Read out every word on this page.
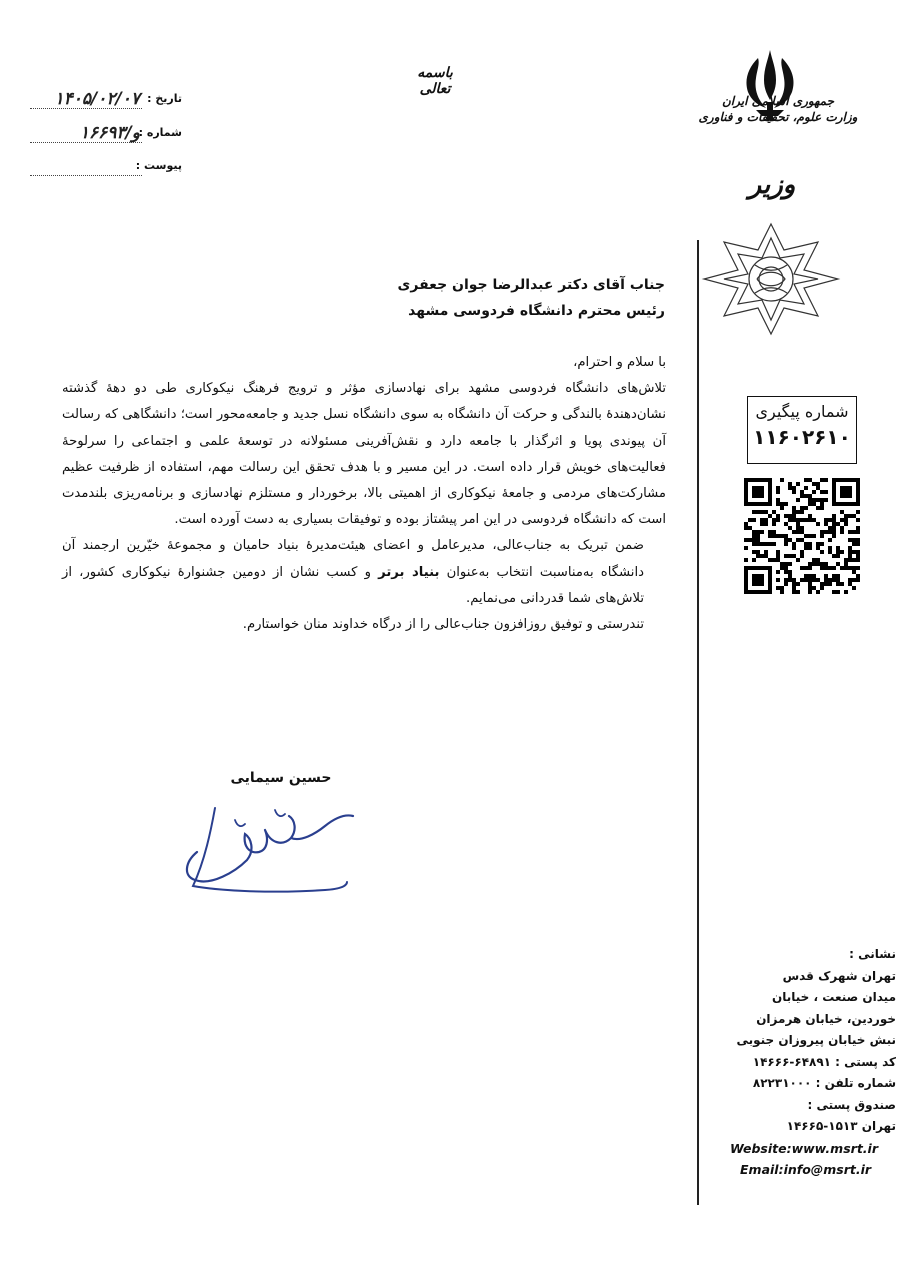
جمهوری اسلامی ایران
وزارت علوم، تحقیقات و فناوری
وزیر
شماره پیگیری
۱۱۶۰۲۶۱۰
نشانی :
تهران شهرک قدس
میدان صنعت ، خیابان
خوردین، خیابان هرمزان
نبش خیابان پیروزان جنوبی
کد پستی : ۶۴۸۹۱-۱۴۶۶۶
شماره تلفن : ۸۲۲۳۱۰۰۰
صندوق پستی :
تهران ۱۵۱۳-۱۴۶۶۵
Website:www.msrt.ir
Email:info@msrt.ir
باسمه تعالی
تاریخ :
۱۴۰۵/۰۲/۰۷
شماره :
۱۶۶۹۳/و
پیوست :
جناب آقای دکتر عبدالرضا جوان جعفری
رئیس محترم دانشگاه فردوسی مشهد

با سلام و احترام،

تلاش‌های دانشگاه فردوسی مشهد برای نهادسازی مؤثر و ترویج فرهنگ نیکوکاری طی دو دههٔ گذشته نشان‌دهندهٔ بالندگی و حرکت آن دانشگاه به سوی دانشگاه نسل جدید و جامعه‌محور است؛ دانشگاهی که رسالت آن پیوندی پویا و اثرگذار با جامعه دارد و نقش‌آفرینی مسئولانه در توسعهٔ علمی و اجتماعی را سرلوحهٔ فعالیت‌های خویش قرار داده است. در این مسیر و با هدف تحقق این رسالت مهم، استفاده از ظرفیت عظیم مشارکت‌های مردمی و جامعهٔ نیکوکاری از اهمیتی بالا، برخوردار و مستلزم نهادسازی و برنامه‌ریزی بلندمدت است که دانشگاه فردوسی در این امر پیشتاز بوده و توفیقات بسیاری به دست آورده است.

ضمن تبریک به جناب‌عالی، مدیرعامل و اعضای هیئت‌مدیرهٔ بنیاد حامیان و مجموعهٔ خیّرین ارجمند آن دانشگاه به‌مناسبت انتخاب به‌عنوان بنیاد برتر و کسب نشان از دومین جشنوارهٔ نیکوکاری کشور، از تلاش‌های شما قدردانی می‌نمایم.

تندرستی و توفیق روزافزون جناب‌عالی را از درگاه خداوند منان خواستارم.

حسین سیمایی
